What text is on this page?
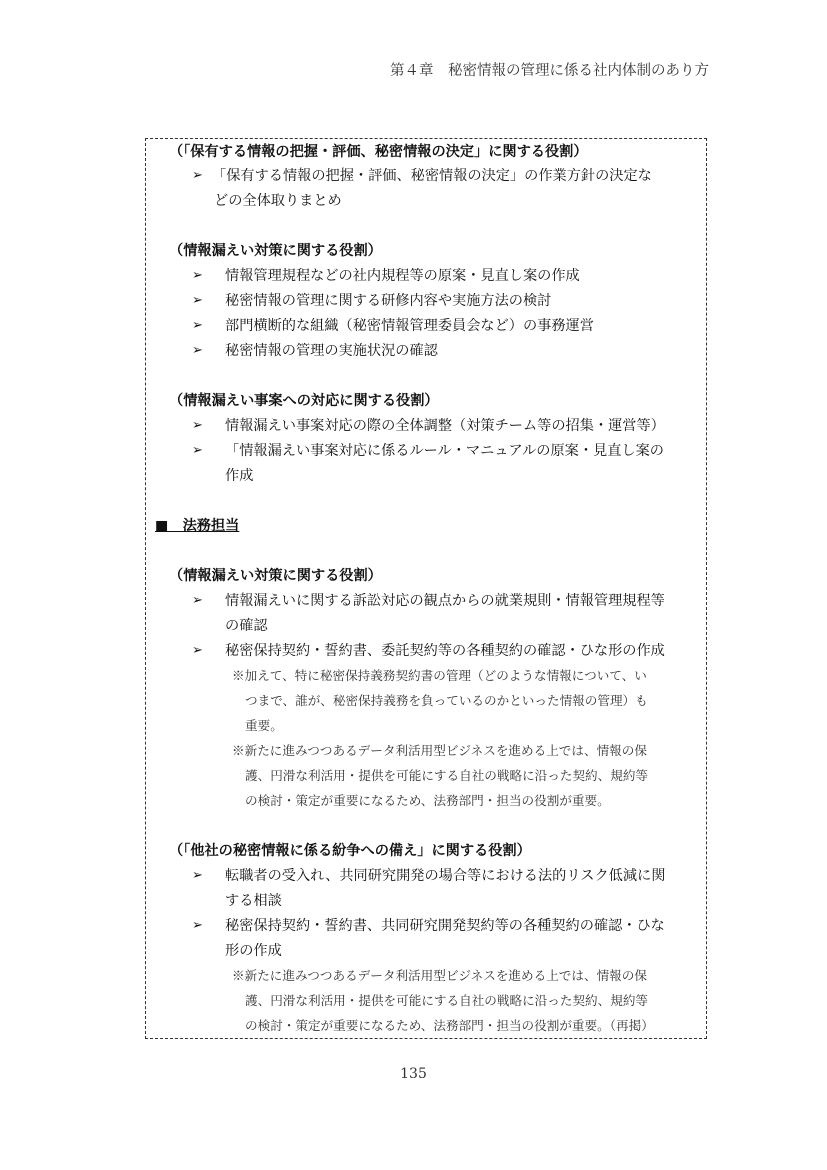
第４章　秘密情報の管理に係る社内体制のあり方
（「保有する情報の把握・評価、秘密情報の決定」に関する役割）
➢ 「保有する情報の把握・評価、秘密情報の決定」の作業方針の決定な
どの全体取りまとめ
（情報漏えい対策に関する役割）
➢ 情報管理規程などの社内規程等の原案・見直し案の作成
➢ 秘密情報の管理に関する研修内容や実施方法の検討
➢ 部門横断的な組織（秘密情報管理委員会など）の事務運営
➢ 秘密情報の管理の実施状況の確認
（情報漏えい事案への対応に関する役割）
➢ 情報漏えい事案対応の際の全体調整（対策チーム等の招集・運営等）
➢ 「情報漏えい事案対応に係るルール・マニュアルの原案・見直し案の
作成
■　法務担当
（情報漏えい対策に関する役割）
➢ 情報漏えいに関する訴訟対応の観点からの就業規則・情報管理規程等
の確認
➢ 秘密保持契約・誓約書、委託契約等の各種契約の確認・ひな形の作成
※加えて、特に秘密保持義務契約書の管理（どのような情報について、い
つまで、誰が、秘密保持義務を負っているのかといった情報の管理）も
重要。
※新たに進みつつあるデータ利活用型ビジネスを進める上では、情報の保
護、円滑な利活用・提供を可能にする自社の戦略に沿った契約、規約等
の検討・策定が重要になるため、法務部門・担当の役割が重要。
（「他社の秘密情報に係る紛争への備え」に関する役割）
➢ 転職者の受入れ、共同研究開発の場合等における法的リスク低減に関
する相談
➢ 秘密保持契約・誓約書、共同研究開発契約等の各種契約の確認・ひな
形の作成
※新たに進みつつあるデータ利活用型ビジネスを進める上では、情報の保
護、円滑な利活用・提供を可能にする自社の戦略に沿った契約、規約等
の検討・策定が重要になるため、法務部門・担当の役割が重要。（再掲）
135
